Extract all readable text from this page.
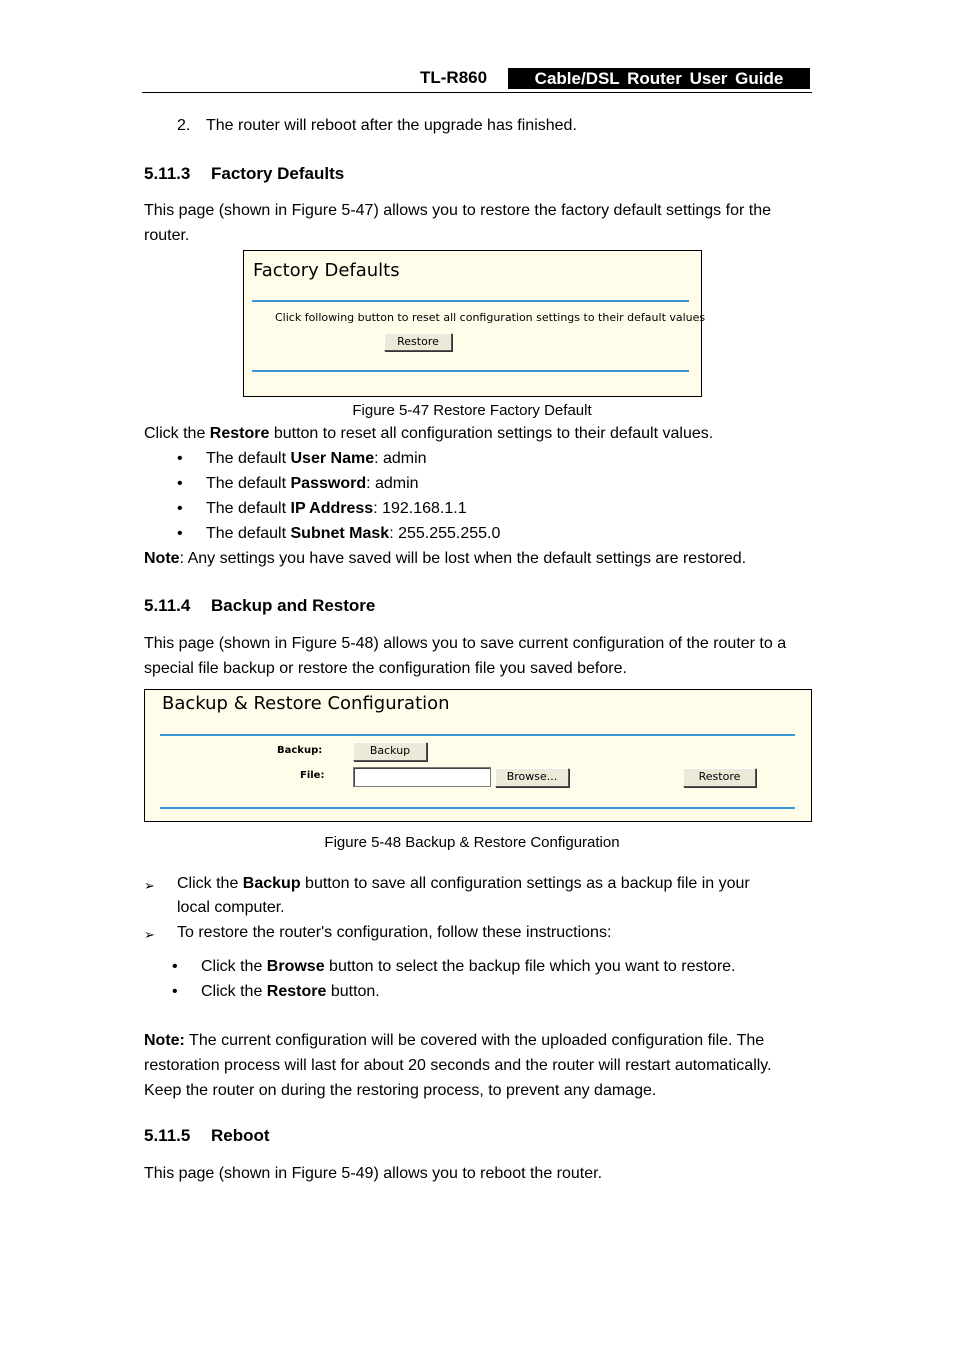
TL-R860	Cable/DSL Router User Guide
2. The router will reboot after the upgrade has finished.
5.11.3 Factory Defaults

This page (shown in Figure 5-47) allows you to restore the factory default settings for the router.

Factory Defaults
Click following button to reset all configuration settings to their default values
Restore
Figure 5-47 Restore Factory Default

Click the Restore button to reset all configuration settings to their default values.

The default User Name: admin
The default Password: admin
The default IP Address: 192.168.1.1
The default Subnet Mask: 255.255.255.0

Note: Any settings you have saved will be lost when the default settings are restored.

5.11.4 Backup and Restore

This page (shown in Figure 5-48) allows you to save current configuration of the router to a special file backup or restore the configuration file you saved before.

Backup & Restore Configuration
Backup:	Backup
File:	Browse...	Restore
Figure 5-48 Backup & Restore Configuration
➢ Click the Backup button to save all configuration settings as a backup file in your
local computer.
➢ To restore the router's configuration, follow these instructions:
Click the Browse button to select the backup file which you want to restore.
Click the Restore button.

Note: The current configuration will be covered with the uploaded configuration file. The restoration process will last for about 20 seconds and the router will restart automatically. Keep the router on during the restoring process, to prevent any damage.

5.11.5 Reboot

This page (shown in Figure 5-49) allows you to reboot the router.
